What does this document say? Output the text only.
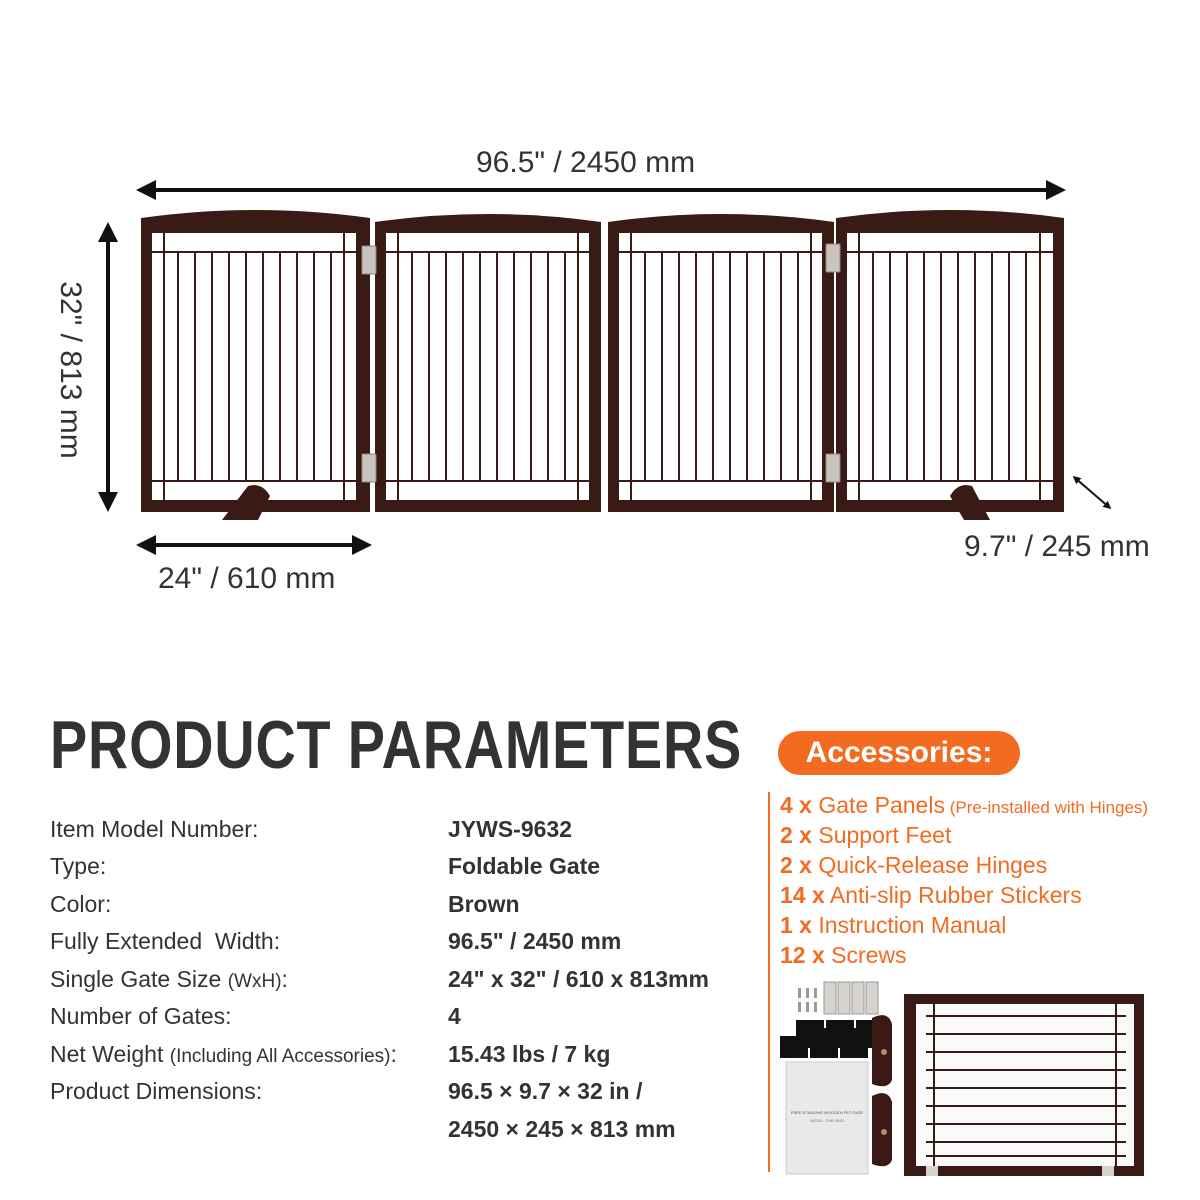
96.5" / 2450 mm
32" / 813 mm
24" / 610 mm
9.7" / 245 mm
PRODUCT PARAMETERS
Item Model Number:
Type:
Color:
Fully Extended  Width:
Single Gate Size (WxH):
Number of Gates:
Net Weight (Including All Accessories):
Product Dimensions:
JYWS-9632
Foldable Gate
Brown
96.5" / 2450 mm
24" x 32" / 610 x 813mm
4
15.43 lbs / 7 kg
96.5 × 9.7 × 32 in /
2450 × 245 × 813 mm
Accessories:
4 x Gate Panels (Pre-installed with Hinges)
2 x Support Feet
2 x Quick-Release Hinges
14 x Anti-slip Rubber Stickers
1 x Instruction Manual
12 x Screws
FREE STANDING WOODEN PET GATE
MODEL: JYWS-9632
